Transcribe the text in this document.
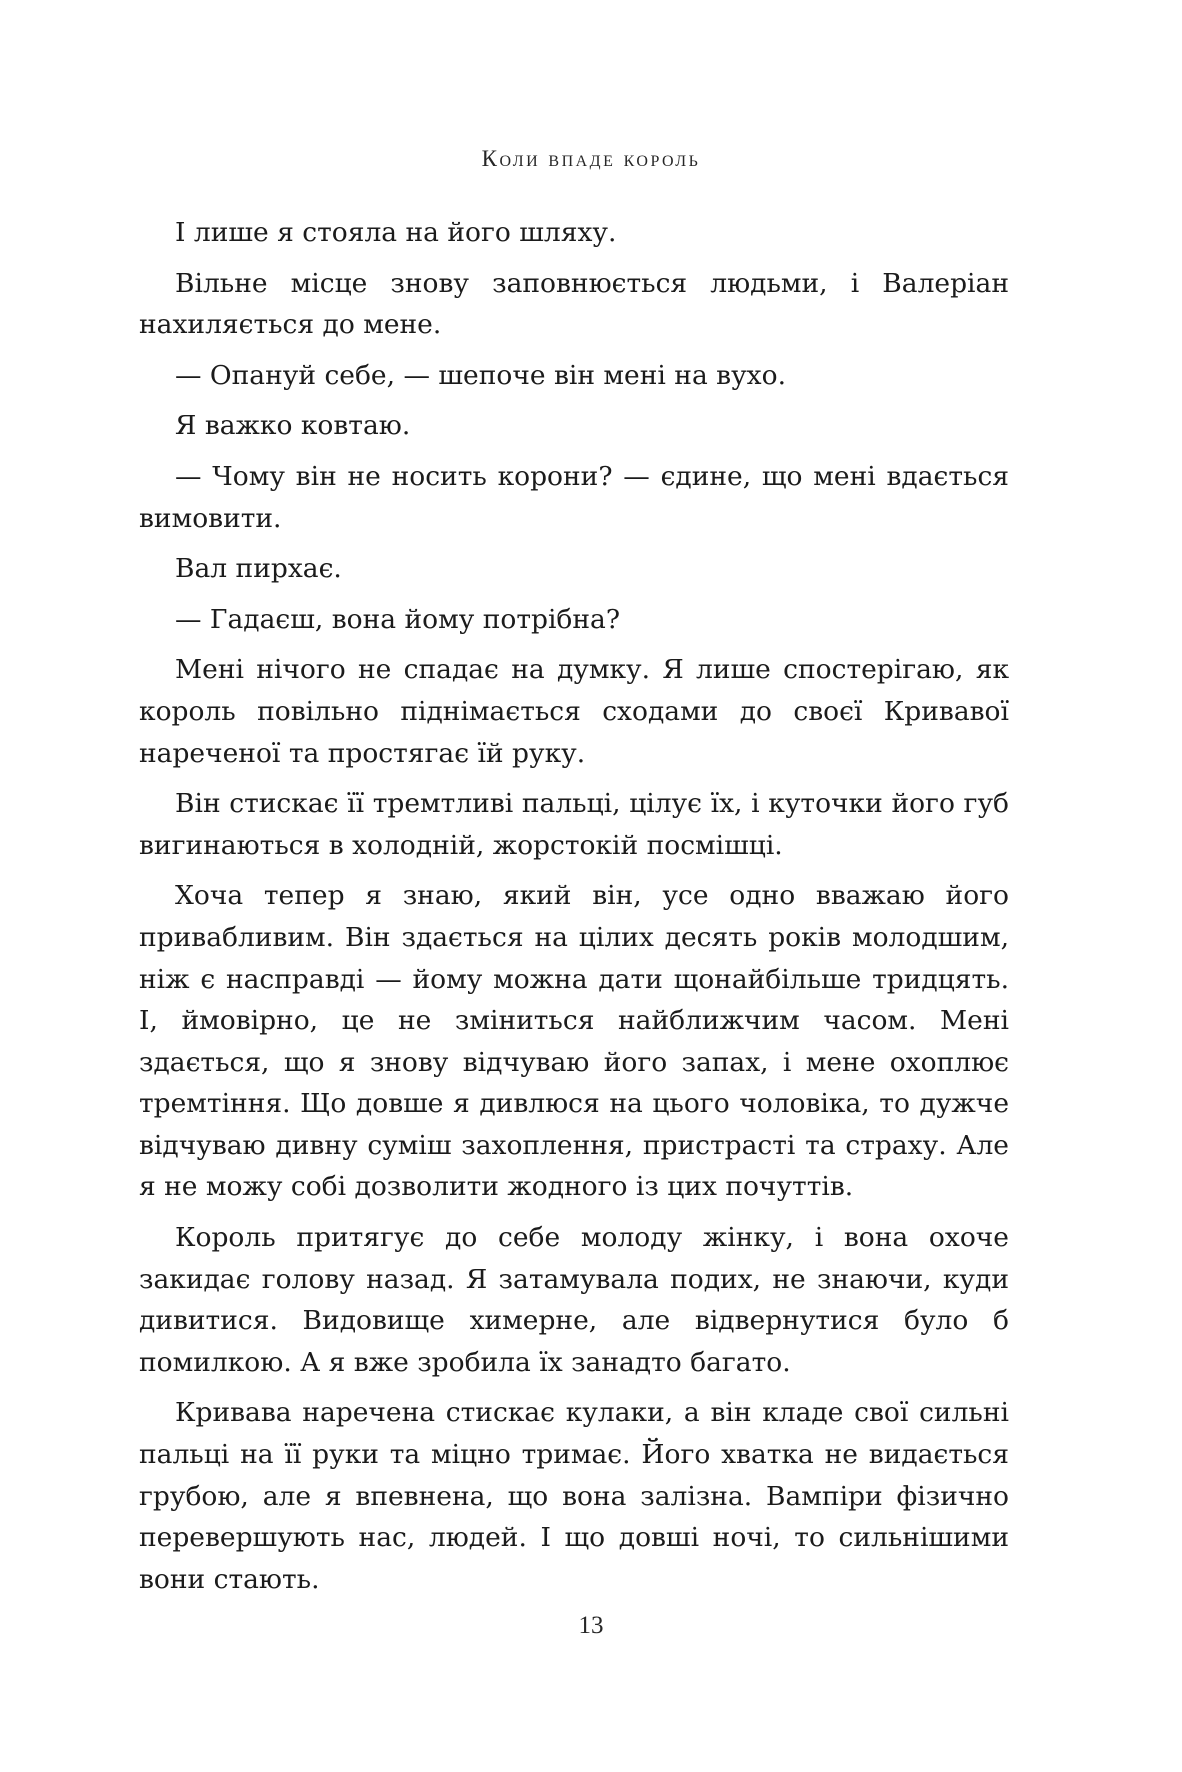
Коли впаде король

І лише я стояла на його шляху.

Вільне місце знову заповнюється людьми, і Валеріан нахиляється до мене.

— Опануй себе, — шепоче він мені на вухо.

Я важко ковтаю.

— Чому він не носить корони? — єдине, що мені вдається вимовити.

Вал пирхає.

— Гадаєш, вона йому потрібна?

Мені нічого не спадає на думку. Я лише спостерігаю, як король повільно піднімається сходами до своєї Кривавої нареченої та простягає їй руку.

Він стискає її тремтливі пальці, цілує їх, і куточки його губ вигинаються в холодній, жорстокій посмішці.

Хоча тепер я знаю, який він, усе одно вважаю його привабливим. Він здається на цілих десять років молодшим, ніж є насправді — йому можна дати щонайбільше тридцять. І, ймовірно, це не зміниться найближчим часом. Мені здається, що я знову відчуваю його запах, і мене охоплює тремтіння. Що довше я дивлюся на цього чоловіка, то дужче відчуваю дивну суміш захоплення, пристрасті та страху. Але я не можу собі дозволити жодного із цих почуттів.

Король притягує до себе молоду жінку, і вона охоче закидає голову назад. Я затамувала подих, не знаючи, куди дивитися. Видовище химерне, але відвернутися було б помилкою. А я вже зробила їх занадто багато.

Кривава наречена стискає кулаки, а він кладе свої сильні пальці на її руки та міцно тримає. Його хватка не видається грубою, але я впевнена, що вона залізна. Вампіри фізично перевершують нас, людей. І що довші ночі, то сильнішими вони стають.

13
